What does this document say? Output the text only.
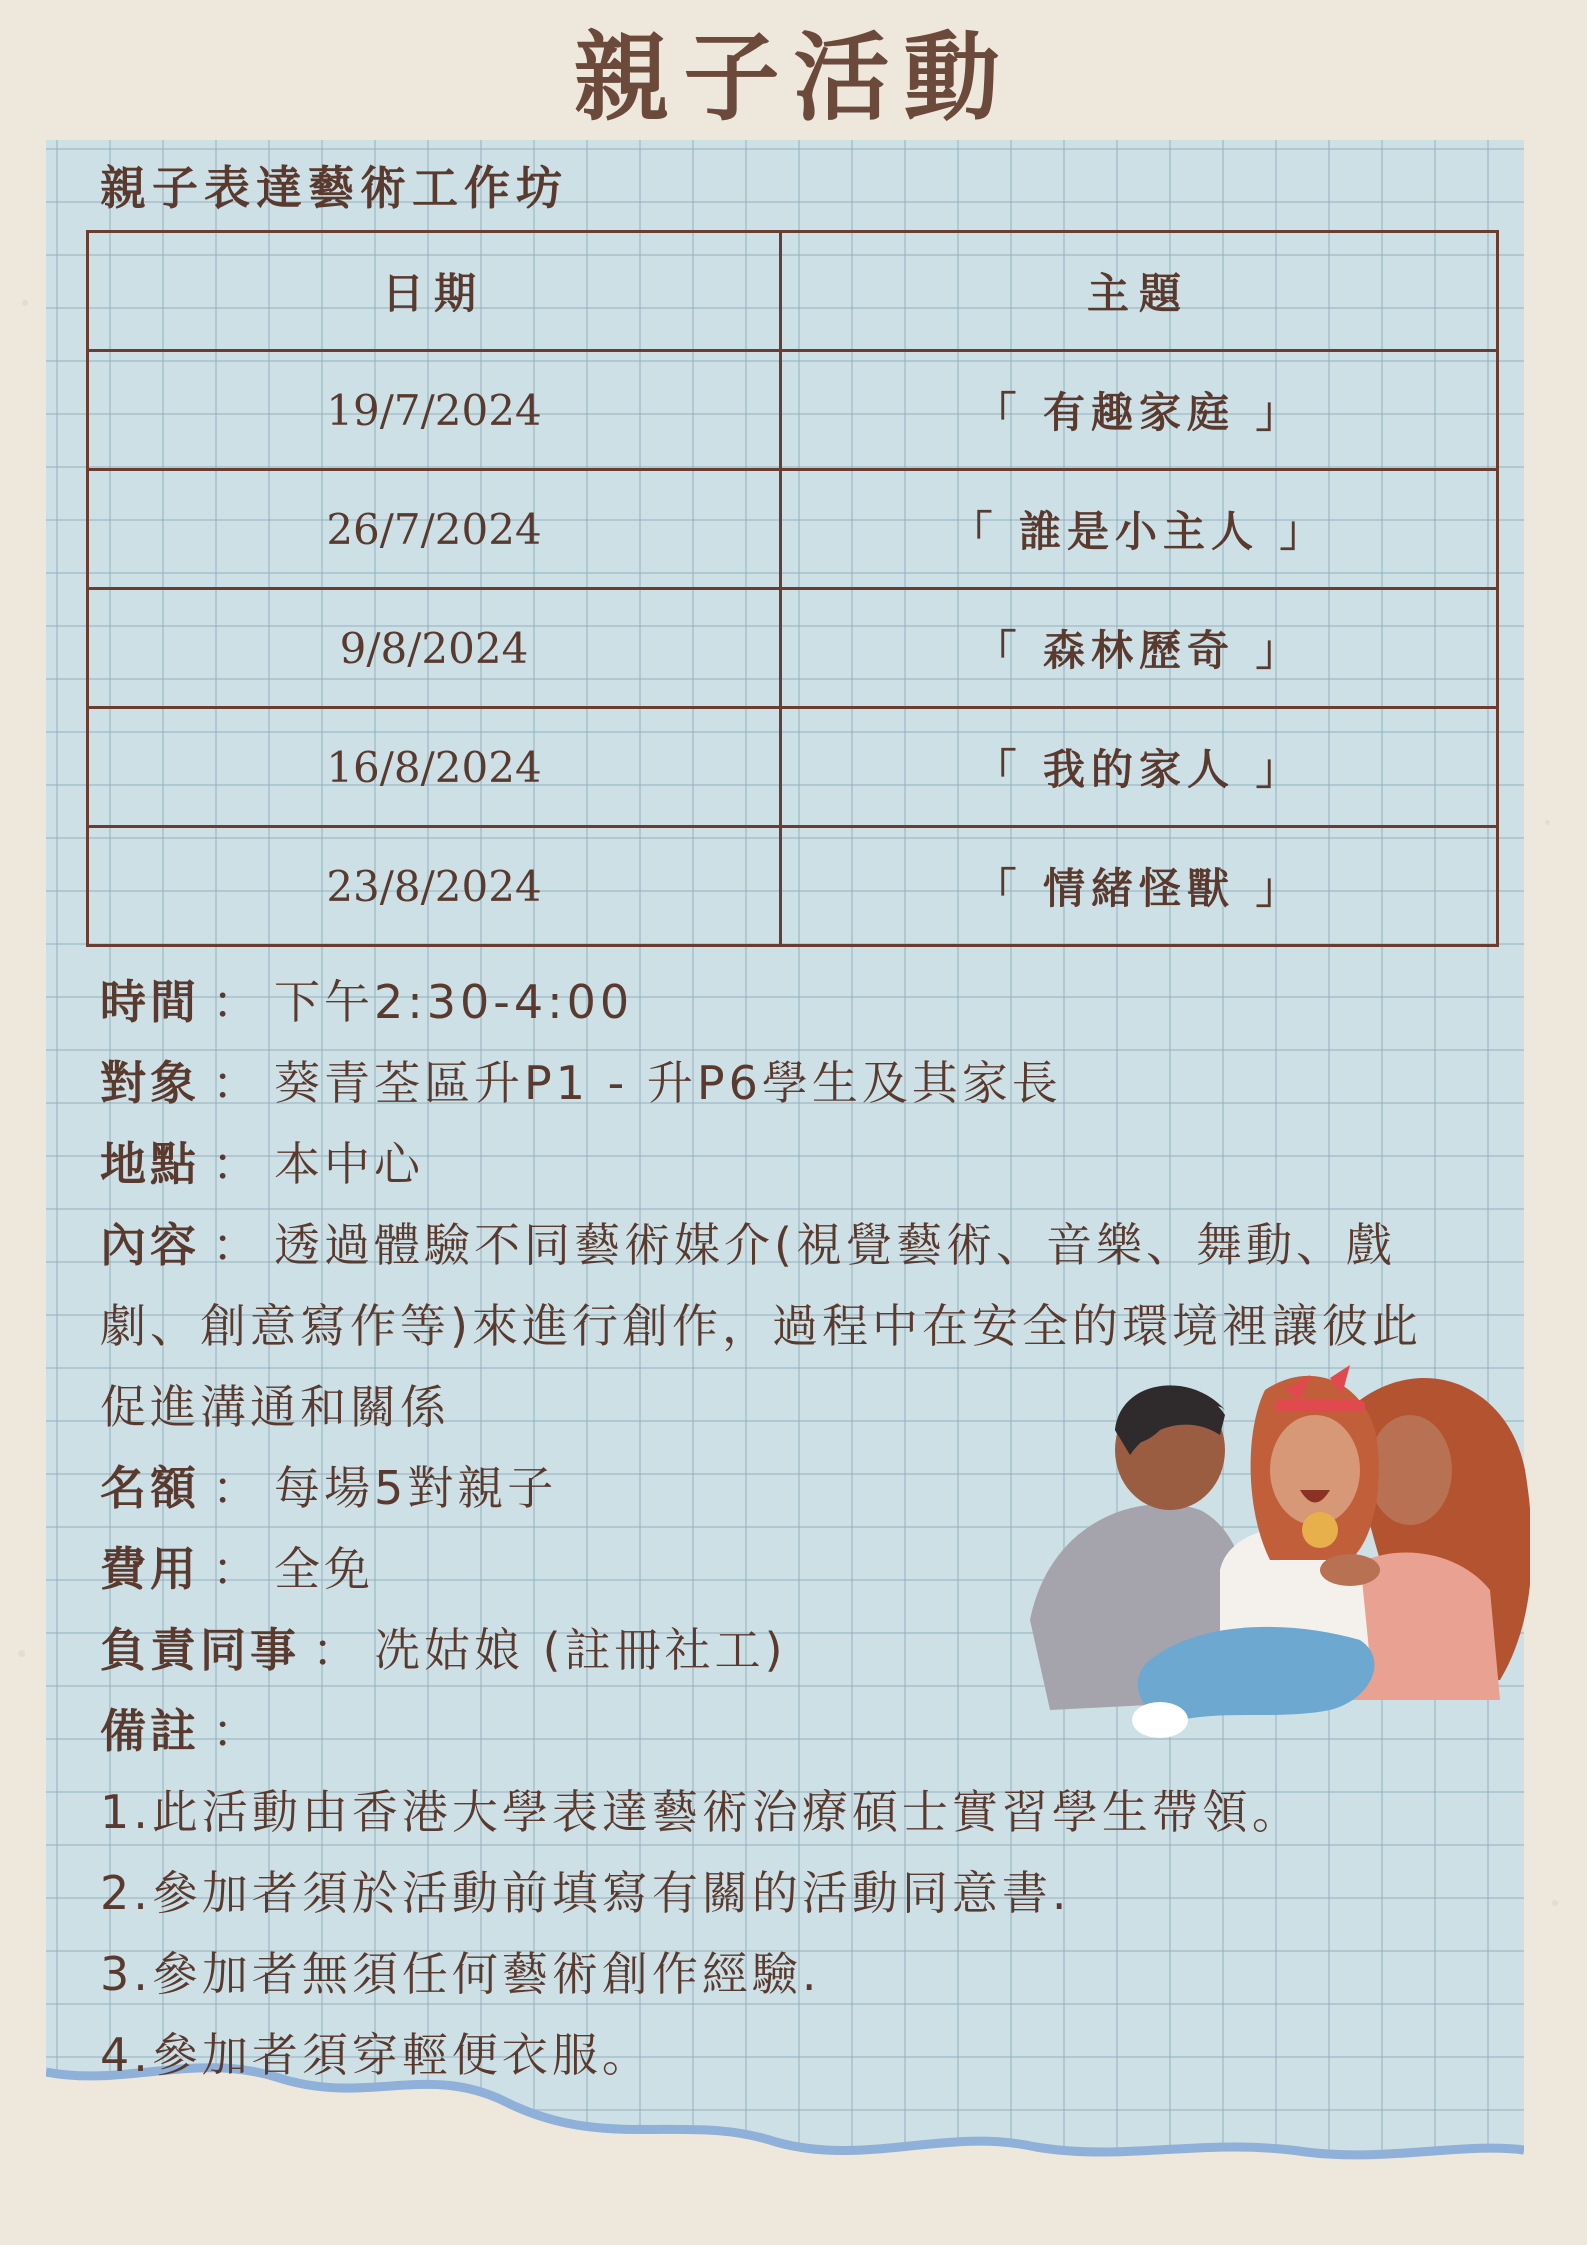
親子活動
親子表達藝術工作坊
日期	主題
19/7/2024	「 有趣家庭 」
26/7/2024	「 誰是小主人 」
9/8/2024	「 森林歷奇 」
16/8/2024	「 我的家人 」
23/8/2024	「 情緒怪獸 」
時間 ： 下午2:30-4:00
對象 ： 葵青荃區升P1 - 升P6學生及其家長
地點 ： 本中心
內容 ： 透過體驗不同藝術媒介(視覺藝術、音樂、舞動、戲劇、創意寫作等)來進行創作，過程中在安全的環境裡讓彼此促進溝通和關係
名額 ： 每場5對親子
費用 ： 全免
負責同事 ： 冼姑娘 (註冊社工)
備註 ：
1.此活動由香港大學表達藝術治療碩士實習學生帶領。
2.參加者須於活動前填寫有關的活動同意書.
3.參加者無須任何藝術創作經驗.
4.參加者須穿輕便衣服。
